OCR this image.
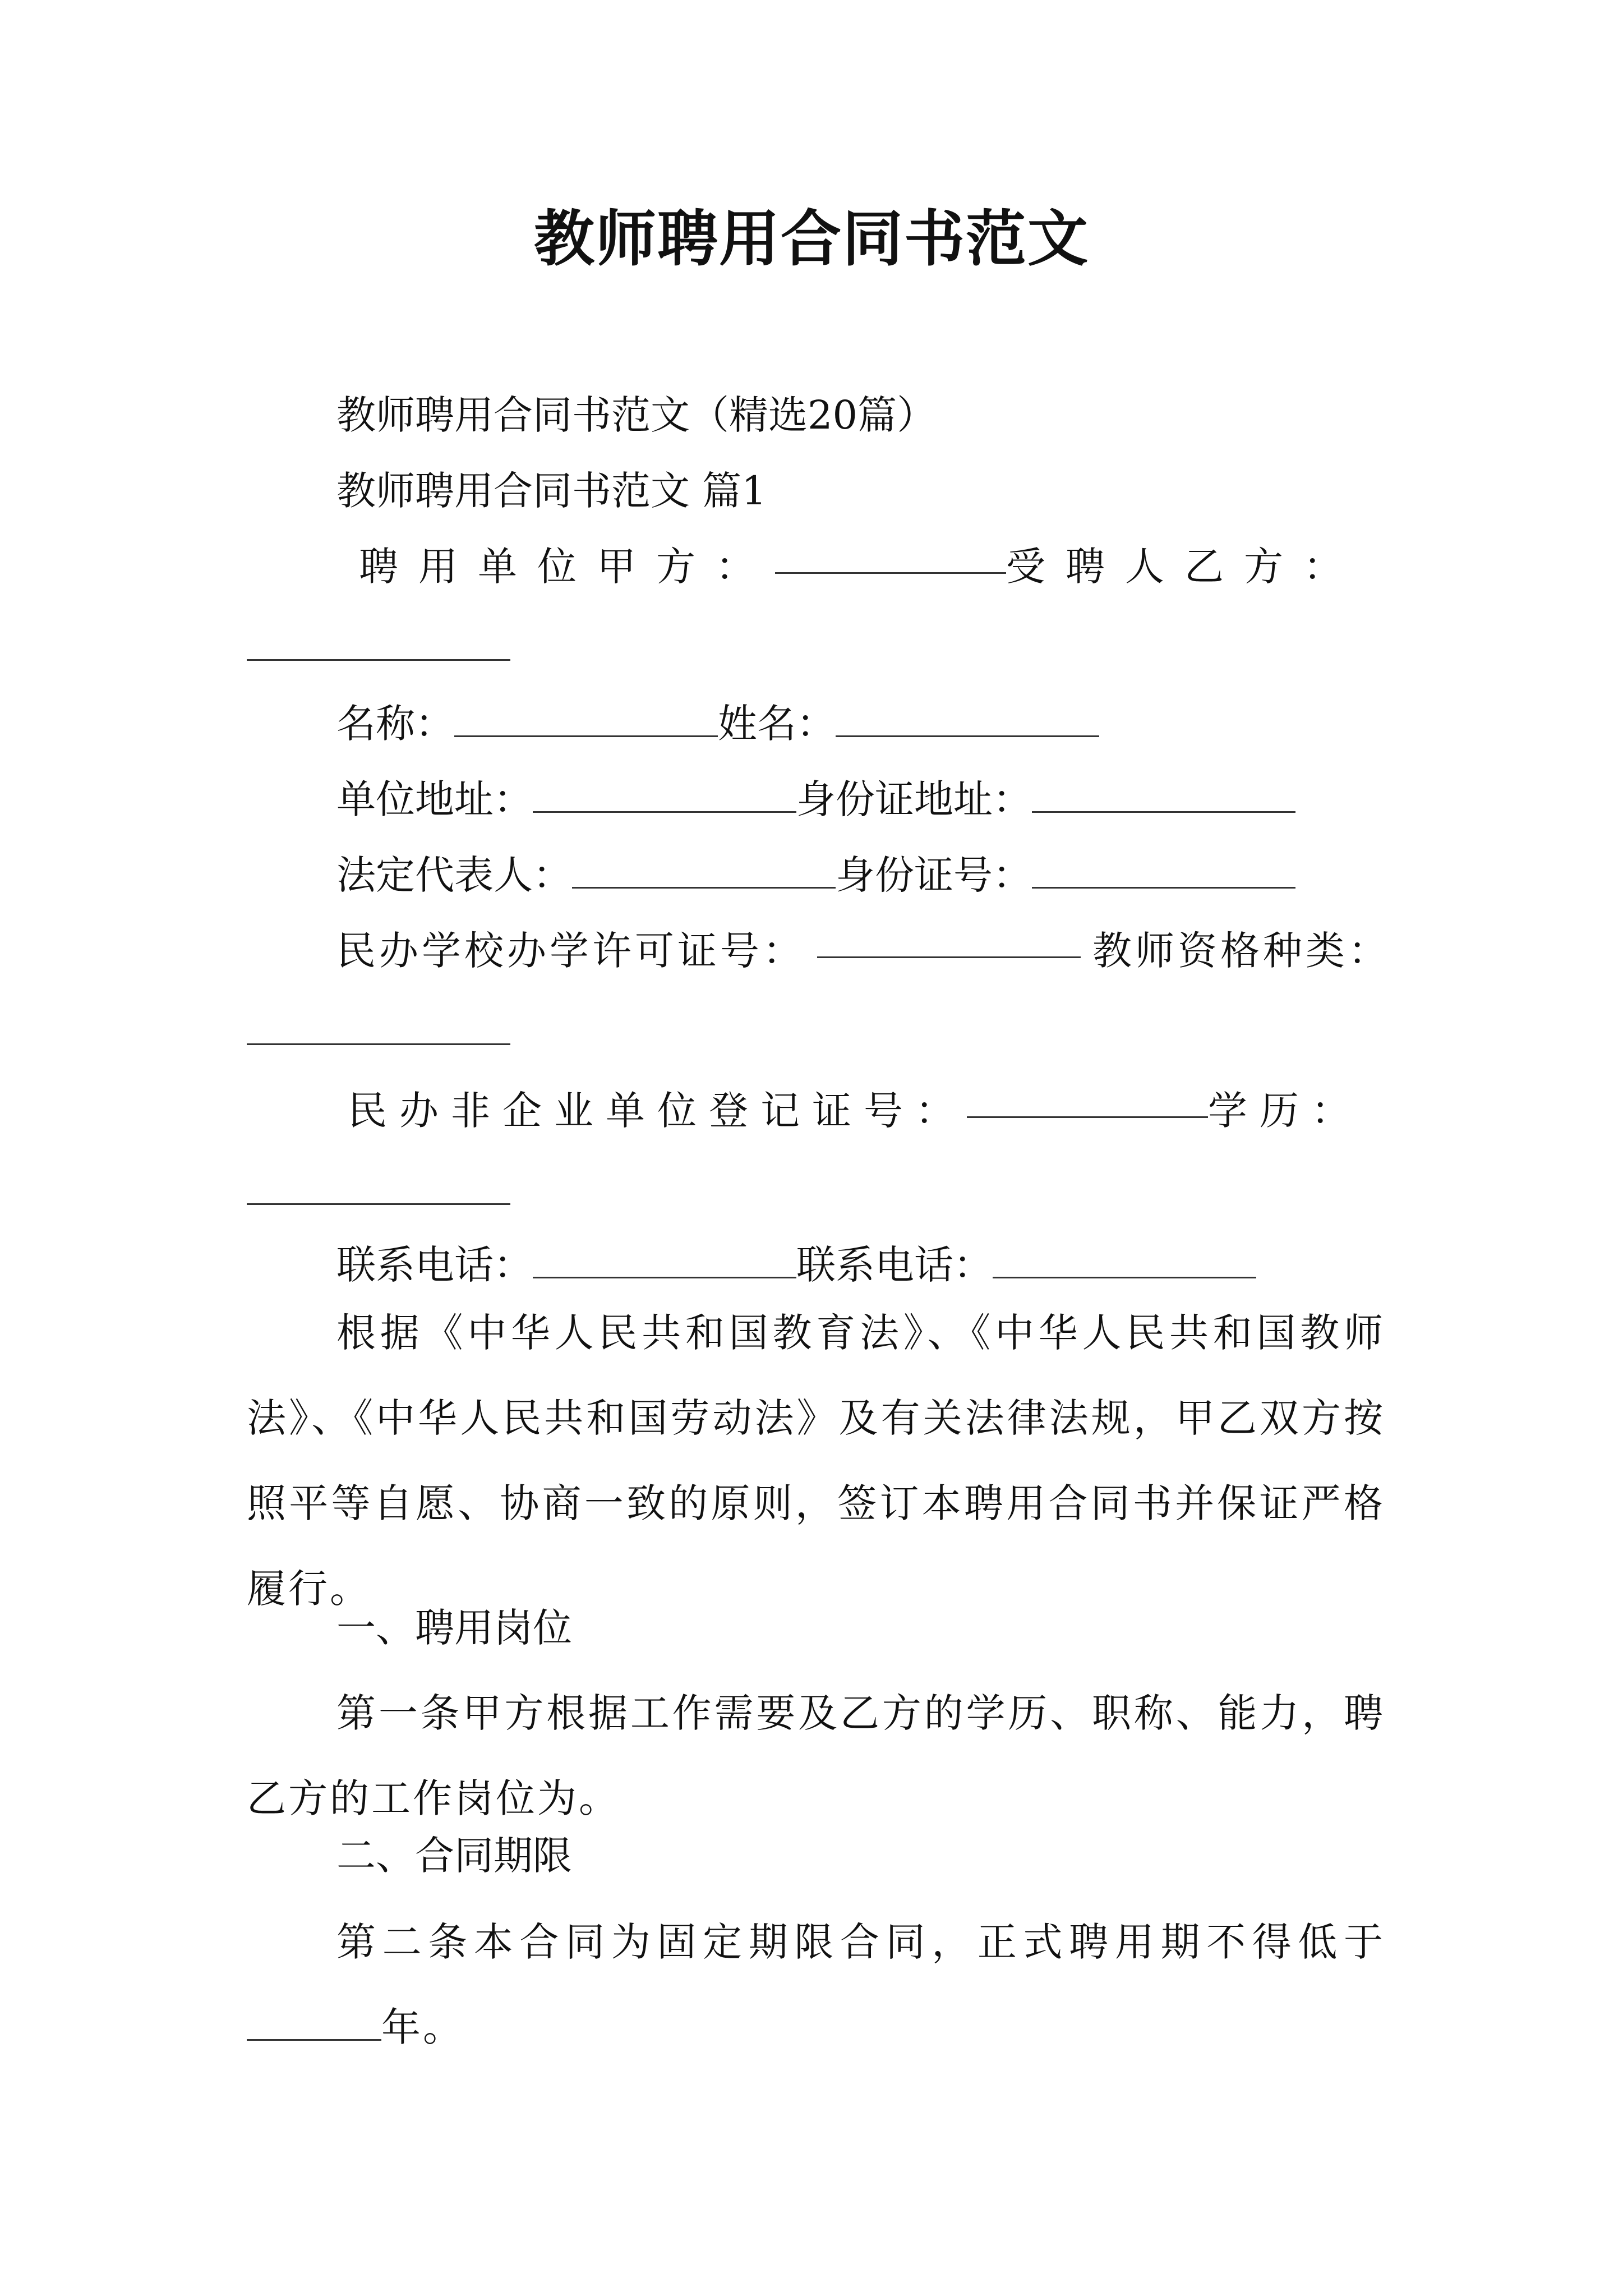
教师聘用合同书范文
教师聘用合同书范文（精选20篇）
教师聘用合同书范文 篇1
聘用单位甲方：	受聘人乙方：
名称：	姓名：
单位地址：	身份证地址：
法定代表人：	身份证号：
民办学校办学许可证号：	教师资格种类：
民办非企业单位登记证号：	学历：
联系电话：	联系电话：
根据《中华人民共和国教育法》、《中华人民共和国教师法》、《中华人民共和国劳动法》及有关法律法规，甲乙双方按照平等自愿、协商一致的原则，签订本聘用合同书并保证严格履行。
一、聘用岗位
第一条甲方根据工作需要及乙方的学历、职称、能力，聘乙方的工作岗位为。
二、合同期限
第二条本合同为固定期限合同，正式聘用期不得低于年。
